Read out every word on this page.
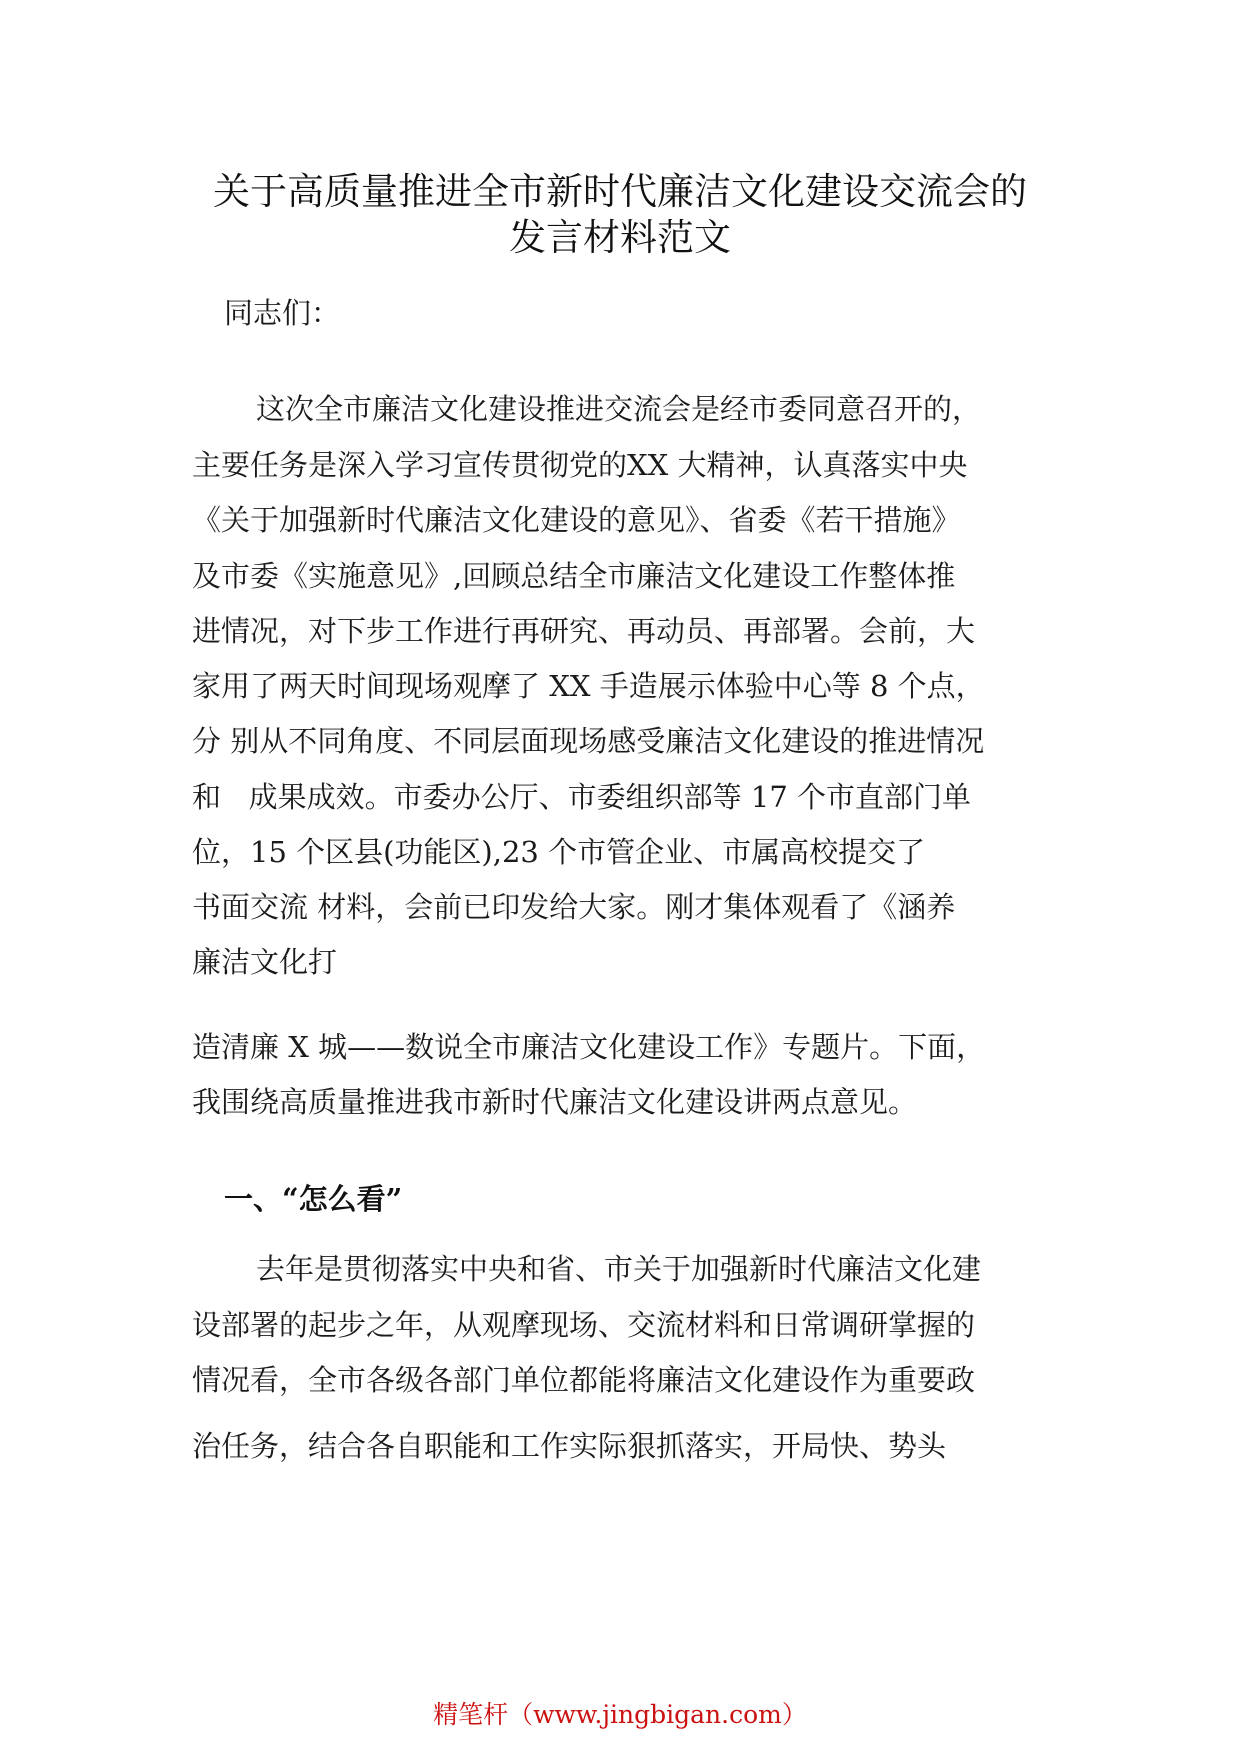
关于高质量推进全市新时代廉洁文化建设交流会的
发言材料范文
同志们：
这次全市廉洁文化建设推进交流会是经市委同意召开的，
主要任务是深入学习宣传贯彻党的XX 大精神，认真落实中央
《关于加强新时代廉洁文化建设的意见》、省委《若干措施》
及市委《实施意见》,回顾总结全市廉洁文化建设工作整体推
进情况，对下步工作进行再研究、再动员、再部署。会前，大
家用了两天时间现场观摩了 XX 手造展示体验中心等 8 个点，
分 别从不同角度、不同层面现场感受廉洁文化建设的推进情况
和   成果成效。市委办公厅、市委组织部等 17 个市直部门单
位，15 个区县(功能区),23 个市管企业、市属高校提交了
书面交流 材料，会前已印发给大家。刚才集体观看了《涵养
廉洁文化打
造清廉 X 城——数说全市廉洁文化建设工作》专题片。下面，
我围绕高质量推进我市新时代廉洁文化建设讲两点意见。
一、“怎么看”
去年是贯彻落实中央和省、市关于加强新时代廉洁文化建
设部署的起步之年，从观摩现场、交流材料和日常调研掌握的
情况看，全市各级各部门单位都能将廉洁文化建设作为重要政
治任务，结合各自职能和工作实际狠抓落实，开局快、势头
精笔杆（www.jingbigan.com）
